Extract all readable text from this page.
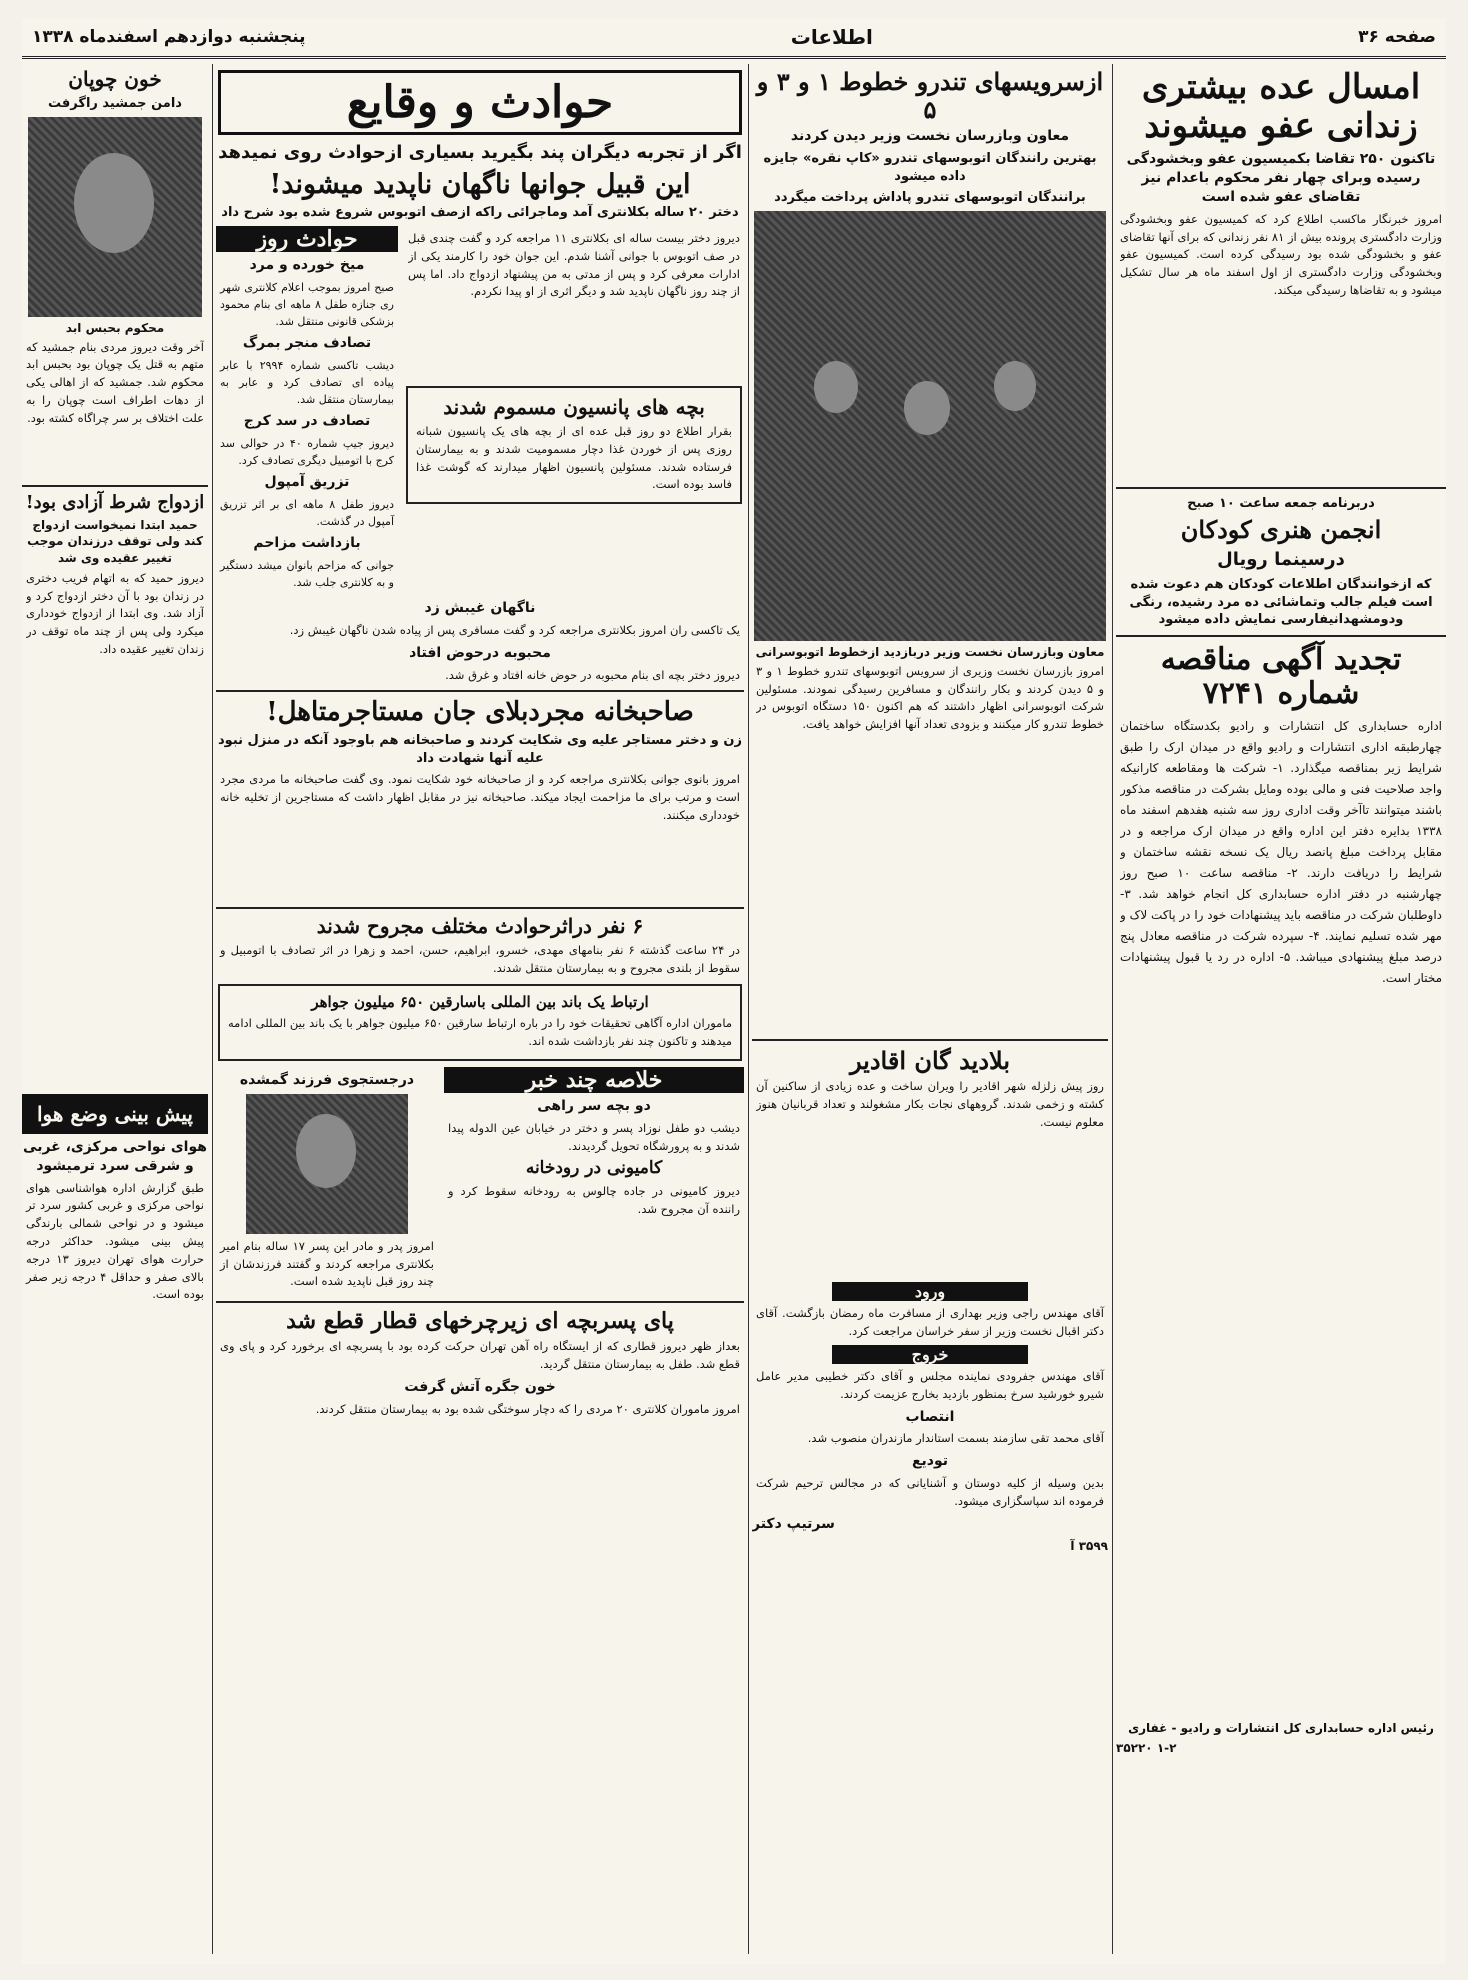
صفحه ۳۶
اطلاعات
پنجشنبه دوازدهم اسفندماه ۱۳۳۸
امسال عده بیشتری زندانی عفو میشوند
تاکنون ۲۵۰ تقاضا بکمیسیون عفو وبخشودگی رسیده وبرای چهار نفر محکوم باعدام نیز تقاضای عفو شده است
امروز خبرنگار ماکسب اطلاع کرد که کمیسیون عفو وبخشودگی وزارت دادگستری پرونده بیش از ۸۱ نفر زندانی که برای آنها تقاضای عفو و بخشودگی شده بود رسیدگی کرده است. کمیسیون عفو وبخشودگی وزارت دادگستری از اول اسفند ماه هر سال تشکیل میشود و به تقاضاها رسیدگی میکند.
دربرنامه جمعه ساعت ۱۰ صبح
انجمن هنری کودکان
درسینما رویال
که ازخوانندگان اطلاعات کودکان هم دعوت شده است فیلم جالب وتماشائی ده مرد رشیده، رنگی ودومشهدانیفارسی نمایش داده میشود
تجدید آگهی مناقصه شماره ۷۲۴۱
اداره حسابداری کل انتشارات و رادیو بکدستگاه ساختمان چهارطبقه اداری انتشارات و رادیو واقع در میدان ارک را طبق شرایط زیر بمناقصه میگذارد. ۱- شرکت ها ومقاطعه کارانیکه واجد صلاحیت فنی و مالی بوده ومایل بشرکت در مناقصه مذکور باشند میتوانند تاآخر وقت اداری روز سه شنبه هفدهم اسفند ماه ۱۳۳۸ بدایره دفتر این اداره واقع در میدان ارک مراجعه و در مقابل پرداخت مبلغ پانصد ریال یک نسخه نقشه ساختمان و شرایط را دریافت دارند. ۲- مناقصه ساعت ۱۰ صبح روز چهارشنبه در دفتر اداره حسابداری کل انجام خواهد شد. ۳- داوطلبان شرکت در مناقصه باید پیشنهادات خود را در پاکت لاک و مهر شده تسلیم نمایند. ۴- سپرده شرکت در مناقصه معادل پنج درصد مبلغ پیشنهادی میباشد. ۵- اداره در رد یا قبول پیشنهادات مختار است.
رئیس اداره حسابداری کل انتشارات و رادیو - غفاری
۱-۲ ۳۵۲۲۰
ازسرویسهای تندرو خطوط ۱ و ۳ و ۵
معاون وبازرسان نخست وزیر دیدن کردند
بهترین رانندگان اتوبوسهای تندرو «کاپ نقره» جایزه داده میشود
برانندگان اتوبوسهای تندرو پاداش پرداخت میگردد
معاون وبازرسان نخست وزیر دربازدید ازخطوط اتوبوسرانی
امروز بازرسان نخست وزیری از سرویس اتوبوسهای تندرو خطوط ۱ و ۳ و ۵ دیدن کردند و بکار رانندگان و مسافرین رسیدگی نمودند. مسئولین شرکت اتوبوسرانی اظهار داشتند که هم اکنون ۱۵۰ دستگاه اتوبوس در خطوط تندرو کار میکنند و بزودی تعداد آنها افزایش خواهد یافت.
بلادید گان اقادیر
روز پیش زلزله شهر اقادیر را ویران ساخت و عده زیادی از ساکنین آن کشته و زخمی شدند. گروههای نجات بکار مشغولند و تعداد قربانیان هنوز معلوم نیست.
ورود
آقای مهندس راجی وزیر بهداری از مسافرت ماه رمضان بازگشت. آقای دکتر اقبال نخست وزیر از سفر خراسان مراجعت کرد.
خروج
آقای مهندس جفرودی نماینده مجلس و آقای دکتر خطیبی مدیر عامل شیرو خورشید سرخ بمنظور بازدید بخارج عزیمت کردند.
انتصاب
آقای محمد تقی سازمند بسمت استاندار مازندران منصوب شد.
تودیع
بدین وسیله از کلیه دوستان و آشنایانی که در مجالس ترحیم شرکت فرموده اند سپاسگزاری میشود.
سرتیپ دکتر
۳۵۹۹ آ
حوادث و وقایع
اگر از تجربه دیگران پند بگیرید بسیاری ازحوادث روی نمیدهد
این قبیل جوانها ناگهان ناپدید میشوند!
دختر ۲۰ ساله بکلانتری آمد وماجرائی راکه ازصف اتوبوس شروع شده بود شرح داد
دیروز دختر بیست ساله ای بکلانتری ۱۱ مراجعه کرد و گفت چندی قبل در صف اتوبوس با جوانی آشنا شدم. این جوان خود را کارمند یکی از ادارات معرفی کرد و پس از مدتی به من پیشنهاد ازدواج داد. اما پس از چند روز ناگهان ناپدید شد و دیگر اثری از او پیدا نکردم.
بچه های پانسیون مسموم شدند
بقرار اطلاع دو روز قبل عده ای از بچه های یک پانسیون شبانه روزی پس از خوردن غذا دچار مسمومیت شدند و به بیمارستان فرستاده شدند. مسئولین پانسیون اظهار میدارند که گوشت غذا فاسد بوده است.
حوادث روز
میخ خورده و مرد
صبح امروز بموجب اعلام کلانتری شهر ری جنازه طفل ۸ ماهه ای بنام محمود بزشکی قانونی منتقل شد.
تصادف منجر بمرگ
دیشب تاکسی شماره ۲۹۹۴ با عابر پیاده ای تصادف کرد و عابر به بیمارستان منتقل شد.
تصادف در سد کرج
دیروز جیپ شماره ۴۰ در حوالی سد کرج با اتومبیل دیگری تصادف کرد.
تزریق آمپول
دیروز طفل ۸ ماهه ای بر اثر تزریق آمپول در گذشت.
بازداشت مزاحم
جوانی که مزاحم بانوان میشد دستگیر و به کلانتری جلب شد.
ناگهان غیبش زد
یک تاکسی ران امروز بکلانتری مراجعه کرد و گفت مسافری پس از پیاده شدن ناگهان غیبش زد.
محبوبه درحوض افتاد
دیروز دختر بچه ای بنام محبوبه در حوض خانه افتاد و غرق شد.
صاحبخانه مجردبلای جان مستاجرمتاهل!
زن و دختر مستاجر علیه وی شکایت کردند و صاحبخانه هم باوجود آنکه در منزل نبود علیه آنها شهادت داد
امروز بانوی جوانی بکلانتری مراجعه کرد و از صاحبخانه خود شکایت نمود. وی گفت صاحبخانه ما مردی مجرد است و مرتب برای ما مزاحمت ایجاد میکند. صاحبخانه نیز در مقابل اظهار داشت که مستاجرین از تخلیه خانه خودداری میکنند.
۶ نفر دراثرحوادث مختلف مجروح شدند
در ۲۴ ساعت گذشته ۶ نفر بنامهای مهدی، خسرو، ابراهیم، حسن، احمد و زهرا در اثر تصادف با اتومبیل و سقوط از بلندی مجروح و به بیمارستان منتقل شدند.
ارتباط یک باند بین المللی باسارقین ۶۵۰ میلیون جواهر
ماموران اداره آگاهی تحقیقات خود را در باره ارتباط سارقین ۶۵۰ میلیون جواهر با یک باند بین المللی ادامه میدهند و تاکنون چند نفر بازداشت شده اند.
خلاصه چند خبر
دو بچه سر راهی
دیشب دو طفل نوزاد پسر و دختر در خیابان عین الدوله پیدا شدند و به پرورشگاه تحویل گردیدند.
کامیونی در رودخانه
دیروز کامیونی در جاده چالوس به رودخانه سقوط کرد و راننده آن مجروح شد.
درجستجوی فرزند گمشده
امروز پدر و مادر این پسر ۱۷ ساله بنام امیر بکلانتری مراجعه کردند و گفتند فرزندشان از چند روز قبل ناپدید شده است.
پای پسربچه ای زیرچرخهای قطار قطع شد
بعداز ظهر دیروز قطاری که از ایستگاه راه آهن تهران حرکت کرده بود با پسربچه ای برخورد کرد و پای وی قطع شد. طفل به بیمارستان منتقل گردید.
خون جگره آتش گرفت
امروز ماموران کلانتری ۲۰ مردی را که دچار سوختگی شده بود به بیمارستان منتقل کردند.
خون چوپان
دامن جمشید راگرفت
محکوم بحبس ابد
آخر وقت دیروز مردی بنام جمشید که متهم به قتل یک چوپان بود بحبس ابد محکوم شد. جمشید که از اهالی یکی از دهات اطراف است چوپان را به علت اختلاف بر سر چراگاه کشته بود.
ازدواج شرط آزادی بود!
حمید ابتدا نمیخواست ازدواج کند ولی توقف درزندان موجب تغییر عقیده وی شد
دیروز حمید که به اتهام فریب دختری در زندان بود با آن دختر ازدواج کرد و آزاد شد. وی ابتدا از ازدواج خودداری میکرد ولی پس از چند ماه توقف در زندان تغییر عقیده داد.
پیش بینی وضع هوا
هوای نواحی مرکزی، غربی و شرقی سرد ترمیشود
طبق گزارش اداره هواشناسی هوای نواحی مرکزی و غربی کشور سرد تر میشود و در نواحی شمالی بارندگی پیش بینی میشود. حداکثر درجه حرارت هوای تهران دیروز ۱۳ درجه بالای صفر و حداقل ۴ درجه زیر صفر بوده است.
